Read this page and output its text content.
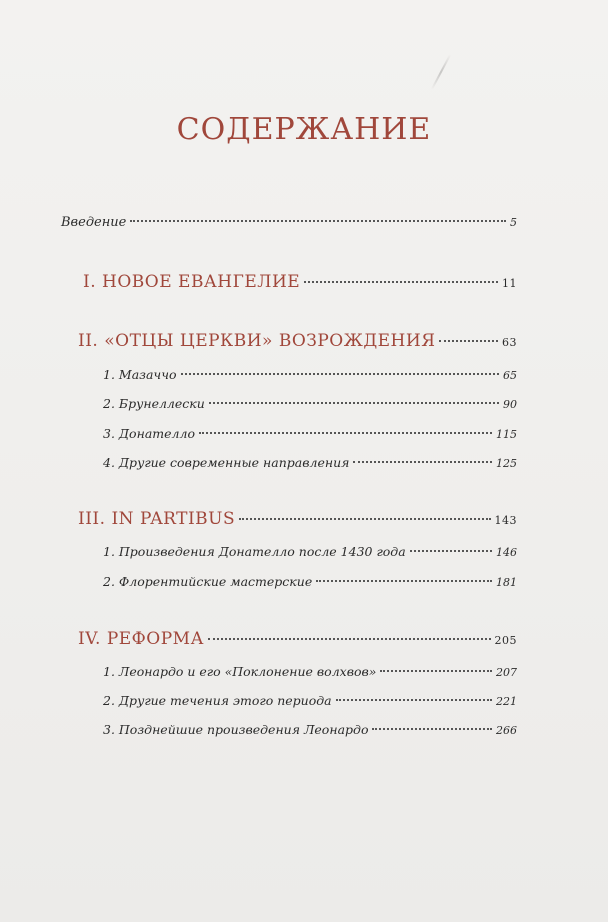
СОДЕРЖАНИЕ
Введение	5
I. НОВОЕ ЕВАНГЕЛИЕ	11
II. «ОТЦЫ ЦЕРКВИ» ВОЗРОЖДЕНИЯ	63
1. Мазаччо	65
2. Брунеллески	90
3. Донателло	115
4. Другие современные направления	125
III. IN PARTIBUS	143
1. Произведения Донателло после 1430 года	146
2. Флорентийские мастерские	181
IV. РЕФОРМА	205
1. Леонардо и его «Поклонение волхвов»	207
2. Другие течения этого периода	221
3. Позднейшие произведения Леонардо	266
